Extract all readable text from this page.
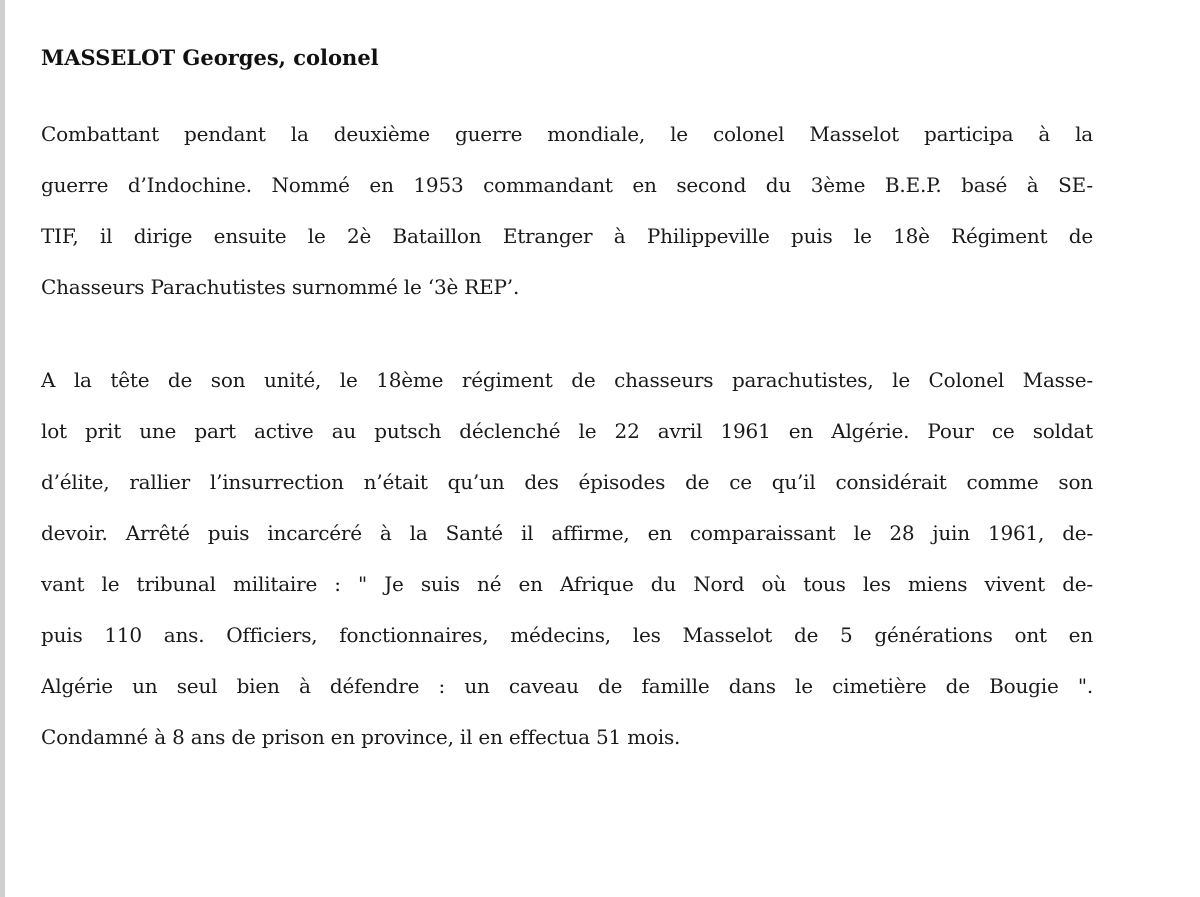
MASSELOT Georges, colonel
Combattant pendant la deuxième guerre mondiale, le colonel Masselot participa à la
guerre d’Indochine. Nommé en 1953 commandant en second du 3ème B.E.P. basé à SE-
TIF, il dirige ensuite le 2è Bataillon Etranger à Philippeville puis le 18è Régiment de
Chasseurs Parachutistes surnommé le ‘3è REP’.
A la tête de son unité, le 18ème régiment de chasseurs parachutistes, le Colonel Masse-
lot prit une part active au putsch déclenché le 22 avril 1961 en Algérie. Pour ce soldat
d’élite, rallier l’insurrection n’était qu’un des épisodes de ce qu’il considérait comme son
devoir. Arrêté puis incarcéré à la Santé il affirme, en comparaissant le 28 juin 1961, de-
vant le tribunal militaire : " Je suis né en Afrique du Nord où tous les miens vivent de-
puis 110 ans. Officiers, fonctionnaires, médecins, les Masselot de 5 générations ont en
Algérie un seul bien à défendre : un caveau de famille dans le cimetière de Bougie ".
Condamné à 8 ans de prison en province, il en effectua 51 mois.
